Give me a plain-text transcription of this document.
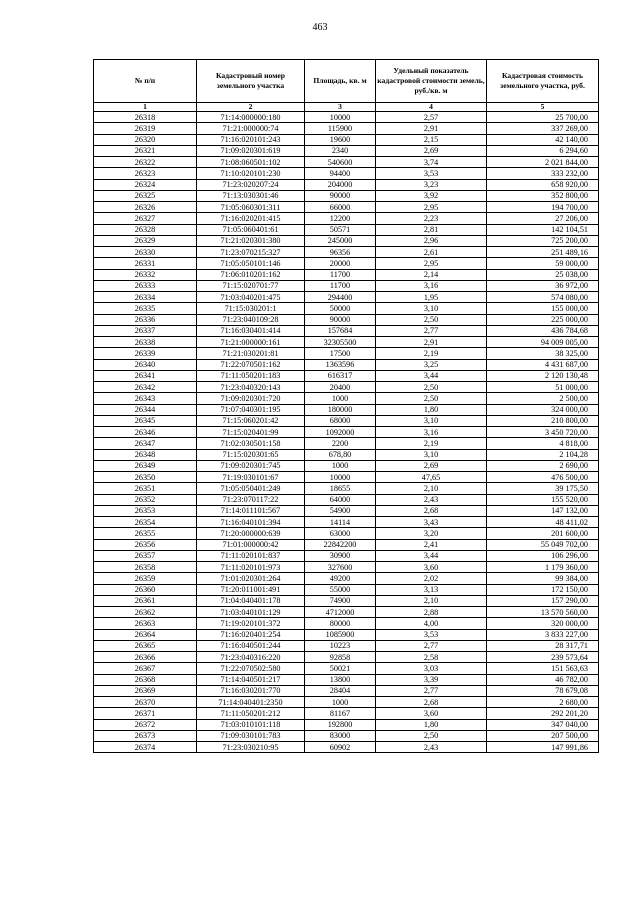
463
№ п/п	Кадастровый номер земельного участка	Площадь, кв. м	Удельный показатель кадастровой стоимости земель, руб./кв. м	Кадастровая стоимость земельного участка, руб.
1	2	3	4	5
26318	71:14:000000:180	10000	2,57	25 700,00
26319	71:21:000000:74	115900	2,91	337 269,00
26320	71:16:020101:243	19600	2,15	42 140,00
26321	71:09:020301:619	2340	2,69	6 294,60
26322	71:08:060501:102	540600	3,74	2 021 844,00
26323	71:10:020101:230	94400	3,53	333 232,00
26324	71:23:020207:24	204000	3,23	658 920,00
26325	71:13:030301:46	90000	3,92	352 800,00
26326	71:05:060301:311	66000	2,95	194 700,00
26327	71:16:020201:415	12200	2,23	27 206,00
26328	71:05:060401:61	50571	2,81	142 104,51
26329	71:21:020301:380	245000	2,96	725 200,00
26330	71:23:070215:327	96356	2,61	251 489,16
26331	71:05:050101:146	20000	2,95	59 000,00
26332	71:06:010201:162	11700	2,14	25 038,00
26333	71:15:020701:77	11700	3,16	36 972,00
26334	71:03:040201:475	294400	1,95	574 080,00
26335	71:15:030201:1	50000	3,10	155 000,00
26336	71:23:040109:28	90000	2,50	225 000,00
26337	71:16:030401:414	157684	2,77	436 784,68
26338	71:21:000000:161	32305500	2,91	94 009 005,00
26339	71:21:030201:81	17500	2,19	38 325,00
26340	71:22:070501:162	1363596	3,25	4 431 687,00
26341	71:11:050201:183	616317	3,44	2 120 130,48
26342	71:23:040320:143	20400	2,50	51 000,00
26343	71:09:020301:720	1000	2,50	2 500,00
26344	71:07:040301:195	180000	1,80	324 000,00
26345	71:15:060201:42	68000	3,10	210 800,00
26346	71:15:020401:99	1092000	3,16	3 450 720,00
26347	71:02:030501:158	2200	2,19	4 818,00
26348	71:15:020301:65	678,80	3,10	2 104,28
26349	71:09:020301:745	1000	2,69	2 690,00
26350	71:19:030101:67	10000	47,65	476 500,00
26351	71:05:050401:249	18655	2,10	39 175,50
26352	71:23:070117:22	64000	2,43	155 520,00
26353	71:14:011101:567	54900	2,68	147 132,00
26354	71:16:040101:394	14114	3,43	48 411,02
26355	71:20:000000:639	63000	3,20	201 600,00
26356	71:01:000000:42	22842200	2,41	55 049 702,00
26357	71:11:020101:837	30900	3,44	106 296,00
26358	71:11:020101:973	327600	3,60	1 179 360,00
26359	71:01:020301:264	49200	2,02	99 384,00
26360	71:20:011001:491	55000	3,13	172 150,00
26361	71:04:040401:178	74900	2,10	157 290,00
26362	71:03:040101:129	4712000	2,88	13 570 560,00
26363	71:19:020101:372	80000	4,00	320 000,00
26364	71:16:020401:254	1085900	3,53	3 833 227,00
26365	71:16:040501:244	10223	2,77	28 317,71
26366	71:23:040316:220	92858	2,58	239 573,64
26367	71:22:070502:580	50021	3,03	151 563,63
26368	71:14:040501:217	13800	3,39	46 782,00
26369	71:16:030201:770	28404	2,77	78 679,08
26370	71:14:040401:2350	1000	2,68	2 680,00
26371	71:11:050201:212	81167	3,60	292 201,20
26372	71:03:010101:118	192800	1,80	347 040,00
26373	71:09:030101:783	83000	2,50	207 500,00
26374	71:23:030210:95	60902	2,43	147 991,86
